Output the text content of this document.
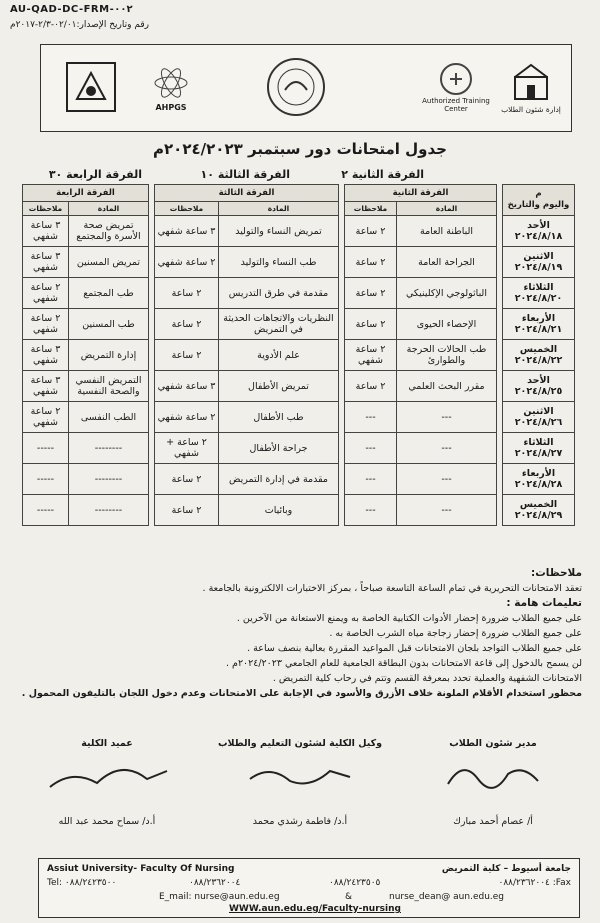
AU-QAD-DC-FRM-٠٠٢
رقم وتاريخ الإصدار:٠٢/٠١-٢/٣-٢٠١٧م
AHPGS
Authorized Training Center	إدارة شئون الطلاب
جدول امتحانات دور سبتمبر ٢٠٢٤/٢٠٢٣م
الفرقة الثانية ٢
الفرقة الثالثة ١٠
الفرقة الرابعة ٣٠
م
واليوم والتاريخ		الفرقة الثانية			الفرقة الثالثة			الفرقة الرابعة	
		المادة	ملاحظات		المادة	ملاحظات		المادة	ملاحظات

الأحد
٢٠٢٤/٨/١٨		الباطنة العامة	٢ ساعة		تمريض النساء والتوليد	٣ ساعة شفهي		تمريض صحة الأسرة والمجتمع	٣ ساعة شفهي

الاثنين
٢٠٢٤/٨/١٩		الجراحة العامة	٢ ساعة		طب النساء والتوليد	٢ ساعة شفهي		تمريض المسنين	٣ ساعة شفهي

الثلاثاء
٢٠٢٤/٨/٢٠		الباثولوجي الإكلينيكي	٢ ساعة		مقدمة في طرق التدريس	٢ ساعة		طب المجتمع	٢ ساعة شفهي

الأربعاء
٢٠٢٤/٨/٢١		الإحصاء الحيوى	٢ ساعة		النظريات والاتجاهات الحديثة في التمريض	٢ ساعة		طب المسنين	٢ ساعة شفهي

الخميس
٢٠٢٤/٨/٢٢		طب الحالات الحرجة والطوارئ	٢ ساعة شفهي		علم الأدوية	٢ ساعة		إدارة التمريض	٣ ساعة شفهي

الأحد
٢٠٢٤/٨/٢٥		مقرر البحث العلمي	٢ ساعة		تمريض الأطفال	٣ ساعة شفهي		التمريض النفسي والصحة النفسية	٣ ساعة شفهي

الاثنين
٢٠٢٤/٨/٢٦		---	---		طب الأطفال	٢ ساعة شفهي		الطب النفسى	٢ ساعة شفهي

الثلاثاء
٢٠٢٤/٨/٢٧		---	---		جراحة الأطفال	٢ ساعة + شفهي		--------	-----

الأربعاء
٢٠٢٤/٨/٢٨		---	---		مقدمة في إدارة التمريض	٢ ساعة		--------	-----

الخميس
٢٠٢٤/٨/٢٩		---	---		وبائيات	٢ ساعة		--------	-----
ملاحظات:
تعقد الامتحانات التحريرية في تمام الساعة التاسعة صباحاً ، بمركز الاختبارات الالكترونية بالجامعة .
تعليمات هامة :
على جميع الطلاب ضرورة إحضار الأدوات الكتابية الخاصة به ويمنع الاستعانة من الآخرين .
على جميع الطلاب ضرورة إحضار زجاجة مياه الشرب الخاصة به .
على جميع الطلاب التواجد بلجان الامتحانات قبل المواعيد المقررة بعالية بنصف ساعة .
لن يسمح بالدخول إلى قاعة الامتحانات بدون البطاقة الجامعية للعام الجامعي ٢٠٢٤/٢٠٢٣م .
الامتحانات الشفهية والعملية تحدد بمعرفة القسم وتتم في رحاب كلية التمريض .
محظور استخدام الأقلام الملونة خلاف الأزرق والأسود في الإجابة على الامتحانات وعدم دخول اللجان بالتليفون المحمول .
مدير شئون الطلاب
أ/ عصام أحمد مبارك
وكيل الكلية لشئون التعليم والطلاب
أ.د/ فاطمة رشدي محمد
عميد الكلية
أ.د/ سماح محمد عبد الله
Assiut University- Faculty Of Nursing	جامعة أسيوط – كلية التمريض
Tel: ٠٨٨/٢٤٢٣٥٠٠	٠٨٨/٢٣٦٢٠٠٤	٠٨٨/٢٤٢٣٥٠٥	Fax: ٠٨٨/٢٣٦٢٠٠٤
E_mail: nurse@aun.edu.eg	&	nurse_dean@ aun.edu.eg
WWW.aun.edu.eg/Faculty-nursing
